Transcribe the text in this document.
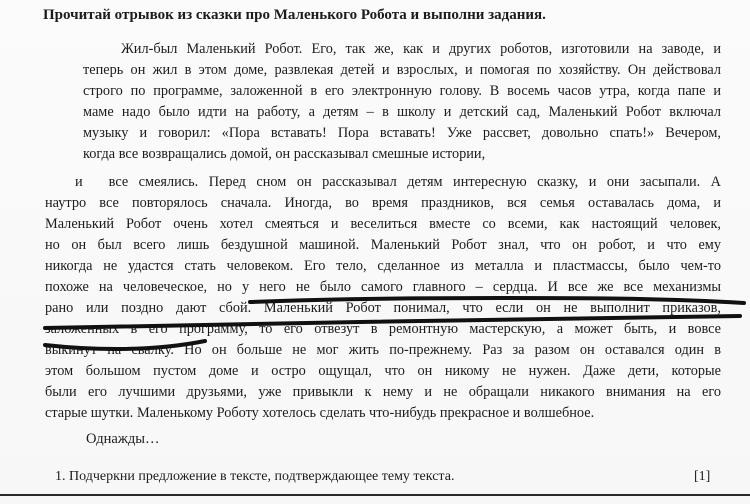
Прочитай отрывок из сказки про Маленького Робота и выполни задания.
Жил-был Маленький Робот. Его, так же, как и других роботов, изготовили на заводе, и
теперь он жил в этом доме, развлекая детей и взрослых, и помогая по хозяйству. Он действовал
строго по программе, заложенной в его электронную голову. В восемь часов утра, когда папе и
маме надо было идти на работу, а детям – в школу и детский сад, Маленький Робот включал
музыку и говорил: «Пора вставать! Пора вставать! Уже рассвет, довольно спать!» Вечером,
когда все возвращались домой, он рассказывал смешные истории,
и все смеялись. Перед сном он рассказывал детям интересную сказку, и они засыпали. А
наутро все повторялось сначала. Иногда, во время праздников, вся семья оставалась дома, и
Маленький Робот очень хотел смеяться и веселиться вместе со всеми, как настоящий человек,
но он был всего лишь бездушной машиной. Маленький Робот знал, что он робот, и что ему
никогда не удастся стать человеком. Его тело, сделанное из металла и пластмассы, было чем-то
похоже на человеческое, но у него не было самого главного – сердца. И все же все механизмы
рано или поздно дают сбой. Маленький Робот понимал, что если он не выполнит приказов,
заложенных в его программу, то его отвезут в ремонтную мастерскую, а может быть, и вовсе
выкинут на свалку. Но он больше не мог жить по-прежнему. Раз за разом он оставался один в
этом большом пустом доме и остро ощущал, что он никому не нужен. Даже дети, которые
были его лучшими друзьями, уже привыкли к нему и не обращали никакого внимания на его
старые шутки. Маленькому Роботу хотелось сделать что-нибудь прекрасное и волшебное.
Однажды…
1. Подчеркни предложение в тексте, подтверждающее тему текста.	[1]
